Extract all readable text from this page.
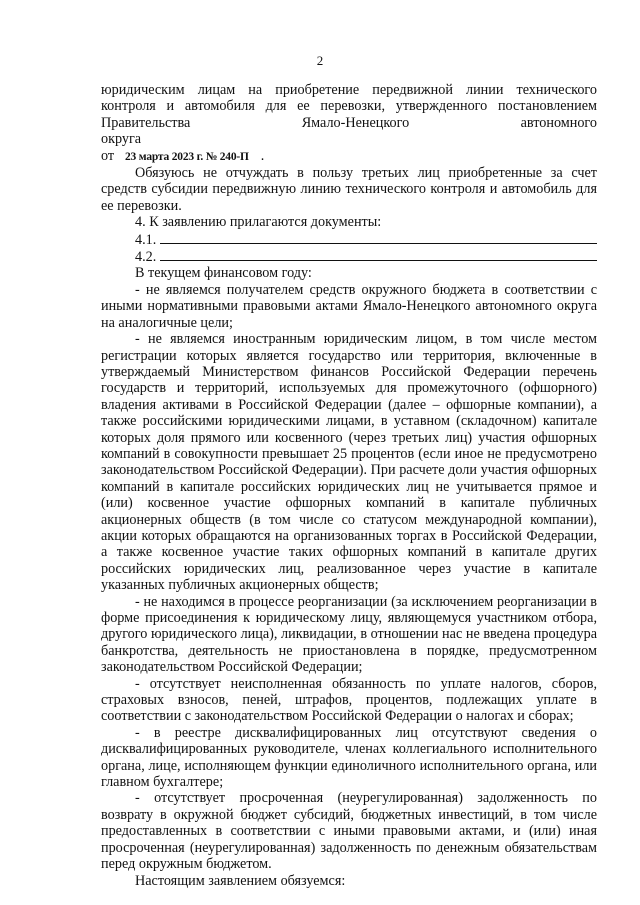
2

юридическим лицам на приобретение передвижной линии технического

контроля и автомобиля для ее перевозки, утвержденного постановлением

Правительства Ямало-Ненецкого автономного округа

от 23 марта 2023 г. № 240-П .

Обязуюсь не отчуждать в пользу третьих лиц приобретенные за счет средств субсидии передвижную линию технического контроля и автомобиль для ее перевозки.

4. К заявлению прилагаются документы:

4.1.
4.2.

В текущем финансовом году:

- не являемся получателем средств окружного бюджета в соответствии с иными нормативными правовыми актами Ямало-Ненецкого автономного округа на аналогичные цели;

- не являемся иностранным юридическим лицом, в том числе местом регистрации которых является государство или территория, включенные в утверждаемый Министерством финансов Российской Федерации перечень государств и территорий, используемых для промежуточного (офшорного) владения активами в Российской Федерации (далее – офшорные компании), а также российскими юридическими лицами, в уставном (складочном) капитале которых доля прямого или косвенного (через третьих лиц) участия офшорных компаний в совокупности превышает 25 процентов (если иное не предусмотрено законодательством Российской Федерации). При расчете доли участия офшорных компаний в капитале российских юридических лиц не учитывается прямое и (или) косвенное участие офшорных компаний в капитале публичных акционерных обществ (в том числе со статусом международной компании), акции которых обращаются на организованных торгах в Российской Федерации, а также косвенное участие таких офшорных компаний в капитале других российских юридических лиц, реализованное через участие в капитале указанных публичных акционерных обществ;

- не находимся в процессе реорганизации (за исключением реорганизации в форме присоединения к юридическому лицу, являющемуся участником отбора, другого юридического лица), ликвидации, в отношении нас не введена процедура банкротства, деятельность не приостановлена в порядке, предусмотренном законодательством Российской Федерации;

- отсутствует неисполненная обязанность по уплате налогов, сборов, страховых взносов, пеней, штрафов, процентов, подлежащих уплате в соответствии с законодательством Российской Федерации о налогах и сборах;

- в реестре дисквалифицированных лиц отсутствуют сведения о дисквалифицированных руководителе, членах коллегиального исполнительного органа, лице, исполняющем функции единоличного исполнительного органа, или главном бухгалтере;

- отсутствует просроченная (неурегулированная) задолженность по возврату в окружной бюджет субсидий, бюджетных инвестиций, в том числе предоставленных в соответствии с иными правовыми актами, и (или) иная просроченная (неурегулированная) задолженность по денежным обязательствам перед окружным бюджетом.

Настоящим заявлением обязуемся:
